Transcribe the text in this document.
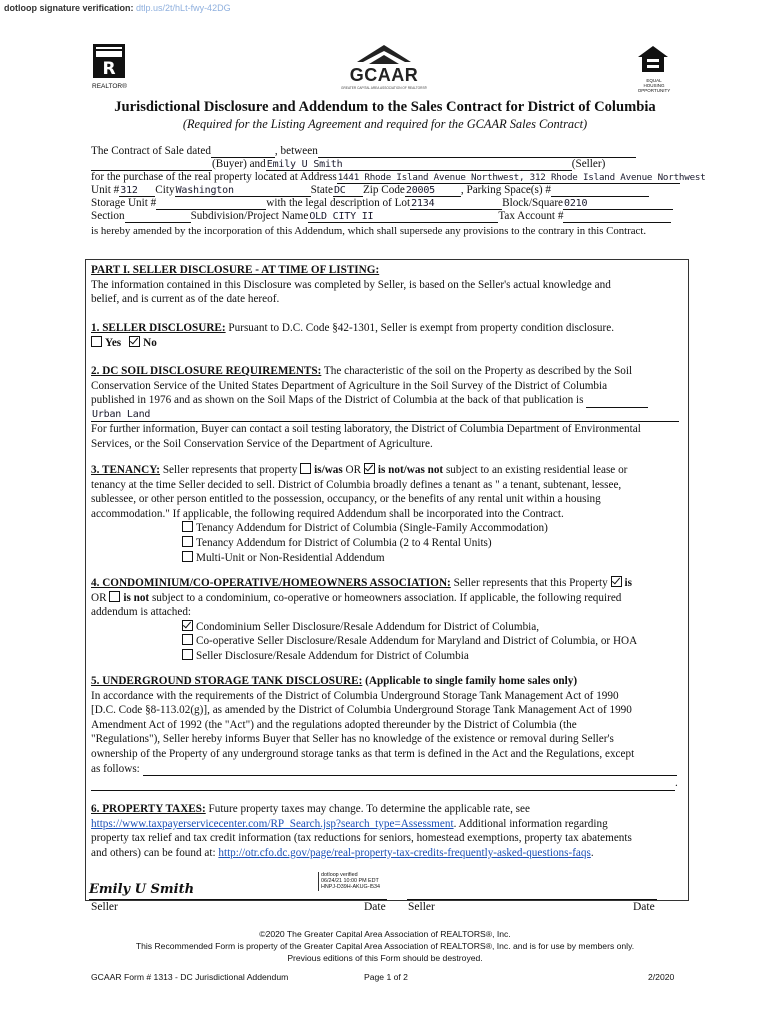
dotloop signature verification: dtlp.us/2t/hLt-fwy-42DG
R
REALTOR®
GCAAR
GREATER CAPITAL AREA ASSOCIATION OF REALTORS®
EQUAL HOUSING OPPORTUNITY
Jurisdictional Disclosure and Addendum to the Sales Contract for District of Columbia
(Required for the Listing Agreement and required for the GCAAR Sales Contract)
The Contract of Sale dated	, between
(Buyer) and Emily U Smith	(Seller)
for the purchase of the real property located at Address 1441 Rhode Island Avenue Northwest, 312 Rhode Island Avenue Northwest
Unit # 312 City Washington	State DC Zip Code 20005 , Parking Space(s) #
Storage Unit #	with the legal description of Lot 2134	Block/Square 0210
Section	Subdivision/Project Name OLD CITY II	Tax Account #
is hereby amended by the incorporation of this Addendum, which shall supersede any provisions to the contrary in this Contract.
PART I. SELLER DISCLOSURE - AT TIME OF LISTING:
The information contained in this Disclosure was completed by Seller, is based on the Seller's actual knowledge and
belief, and is current as of the date hereof.
1. SELLER DISCLOSURE: Pursuant to D.C. Code §42-1301, Seller is exempt from property condition disclosure.
Yes No
2. DC SOIL DISCLOSURE REQUIREMENTS: The characteristic of the soil on the Property as described by the Soil
Conservation Service of the United States Department of Agriculture in the Soil Survey of the District of Columbia
published in 1976 and as shown on the Soil Maps of the District of Columbia at the back of that publication is
Urban Land
For further information, Buyer can contact a soil testing laboratory, the District of Columbia Department of Environmental
Services, or the Soil Conservation Service of the Department of Agriculture.
3. TENANCY: Seller represents that property is/was OR is not/was not subject to an existing residential lease or
tenancy at the time Seller decided to sell. District of Columbia broadly defines a tenant as " a tenant, subtenant, lessee,
sublessee, or other person entitled to the possession, occupancy, or the benefits of any rental unit within a housing
accommodation." If applicable, the following required Addendum shall be incorporated into the Contract.
Tenancy Addendum for District of Columbia (Single-Family Accommodation)
Tenancy Addendum for District of Columbia (2 to 4 Rental Units)
Multi-Unit or Non-Residential Addendum
4. CONDOMINIUM/CO-OPERATIVE/HOMEOWNERS ASSOCIATION: Seller represents that this Property is
OR is not subject to a condominium, co-operative or homeowners association. If applicable, the following required
addendum is attached:
Condominium Seller Disclosure/Resale Addendum for District of Columbia,
Co-operative Seller Disclosure/Resale Addendum for Maryland and District of Columbia, or HOA
Seller Disclosure/Resale Addendum for District of Columbia
5. UNDERGROUND STORAGE TANK DISCLOSURE: (Applicable to single family home sales only)
In accordance with the requirements of the District of Columbia Underground Storage Tank Management Act of 1990
[D.C. Code §8-113.02(g)], as amended by the District of Columbia Underground Storage Tank Management Act of 1990
Amendment Act of 1992 (the "Act") and the regulations adopted thereunder by the District of Columbia (the
"Regulations"), Seller hereby informs Buyer that Seller has no knowledge of the existence or removal during Seller's
ownership of the Property of any underground storage tanks as that term is defined in the Act and the Regulations, except
as follows:
.
6. PROPERTY TAXES: Future property taxes may change. To determine the applicable rate, see
https://www.taxpayerservicecenter.com/RP_Search.jsp?search_type=Assessment. Additional information regarding
property tax relief and tax credit information (tax reductions for seniors, homestead exemptions, property tax abatements
and others) can be found at: http://otr.cfo.dc.gov/page/real-property-tax-credits-frequently-asked-questions-faqs.
Emily U Smith
dotloop verified
06/24/21 10:00 PM EDT
HNPJ-D39H-AKUG-I534
Seller	Date Seller	Date
©2020 The Greater Capital Area Association of REALTORS®, Inc.
This Recommended Form is property of the Greater Capital Area Association of REALTORS®, Inc. and is for use by members only.
Previous editions of this Form should be destroyed.
GCAAR Form # 1313 - DC Jurisdictional Addendum	Page 1 of 2	2/2020
